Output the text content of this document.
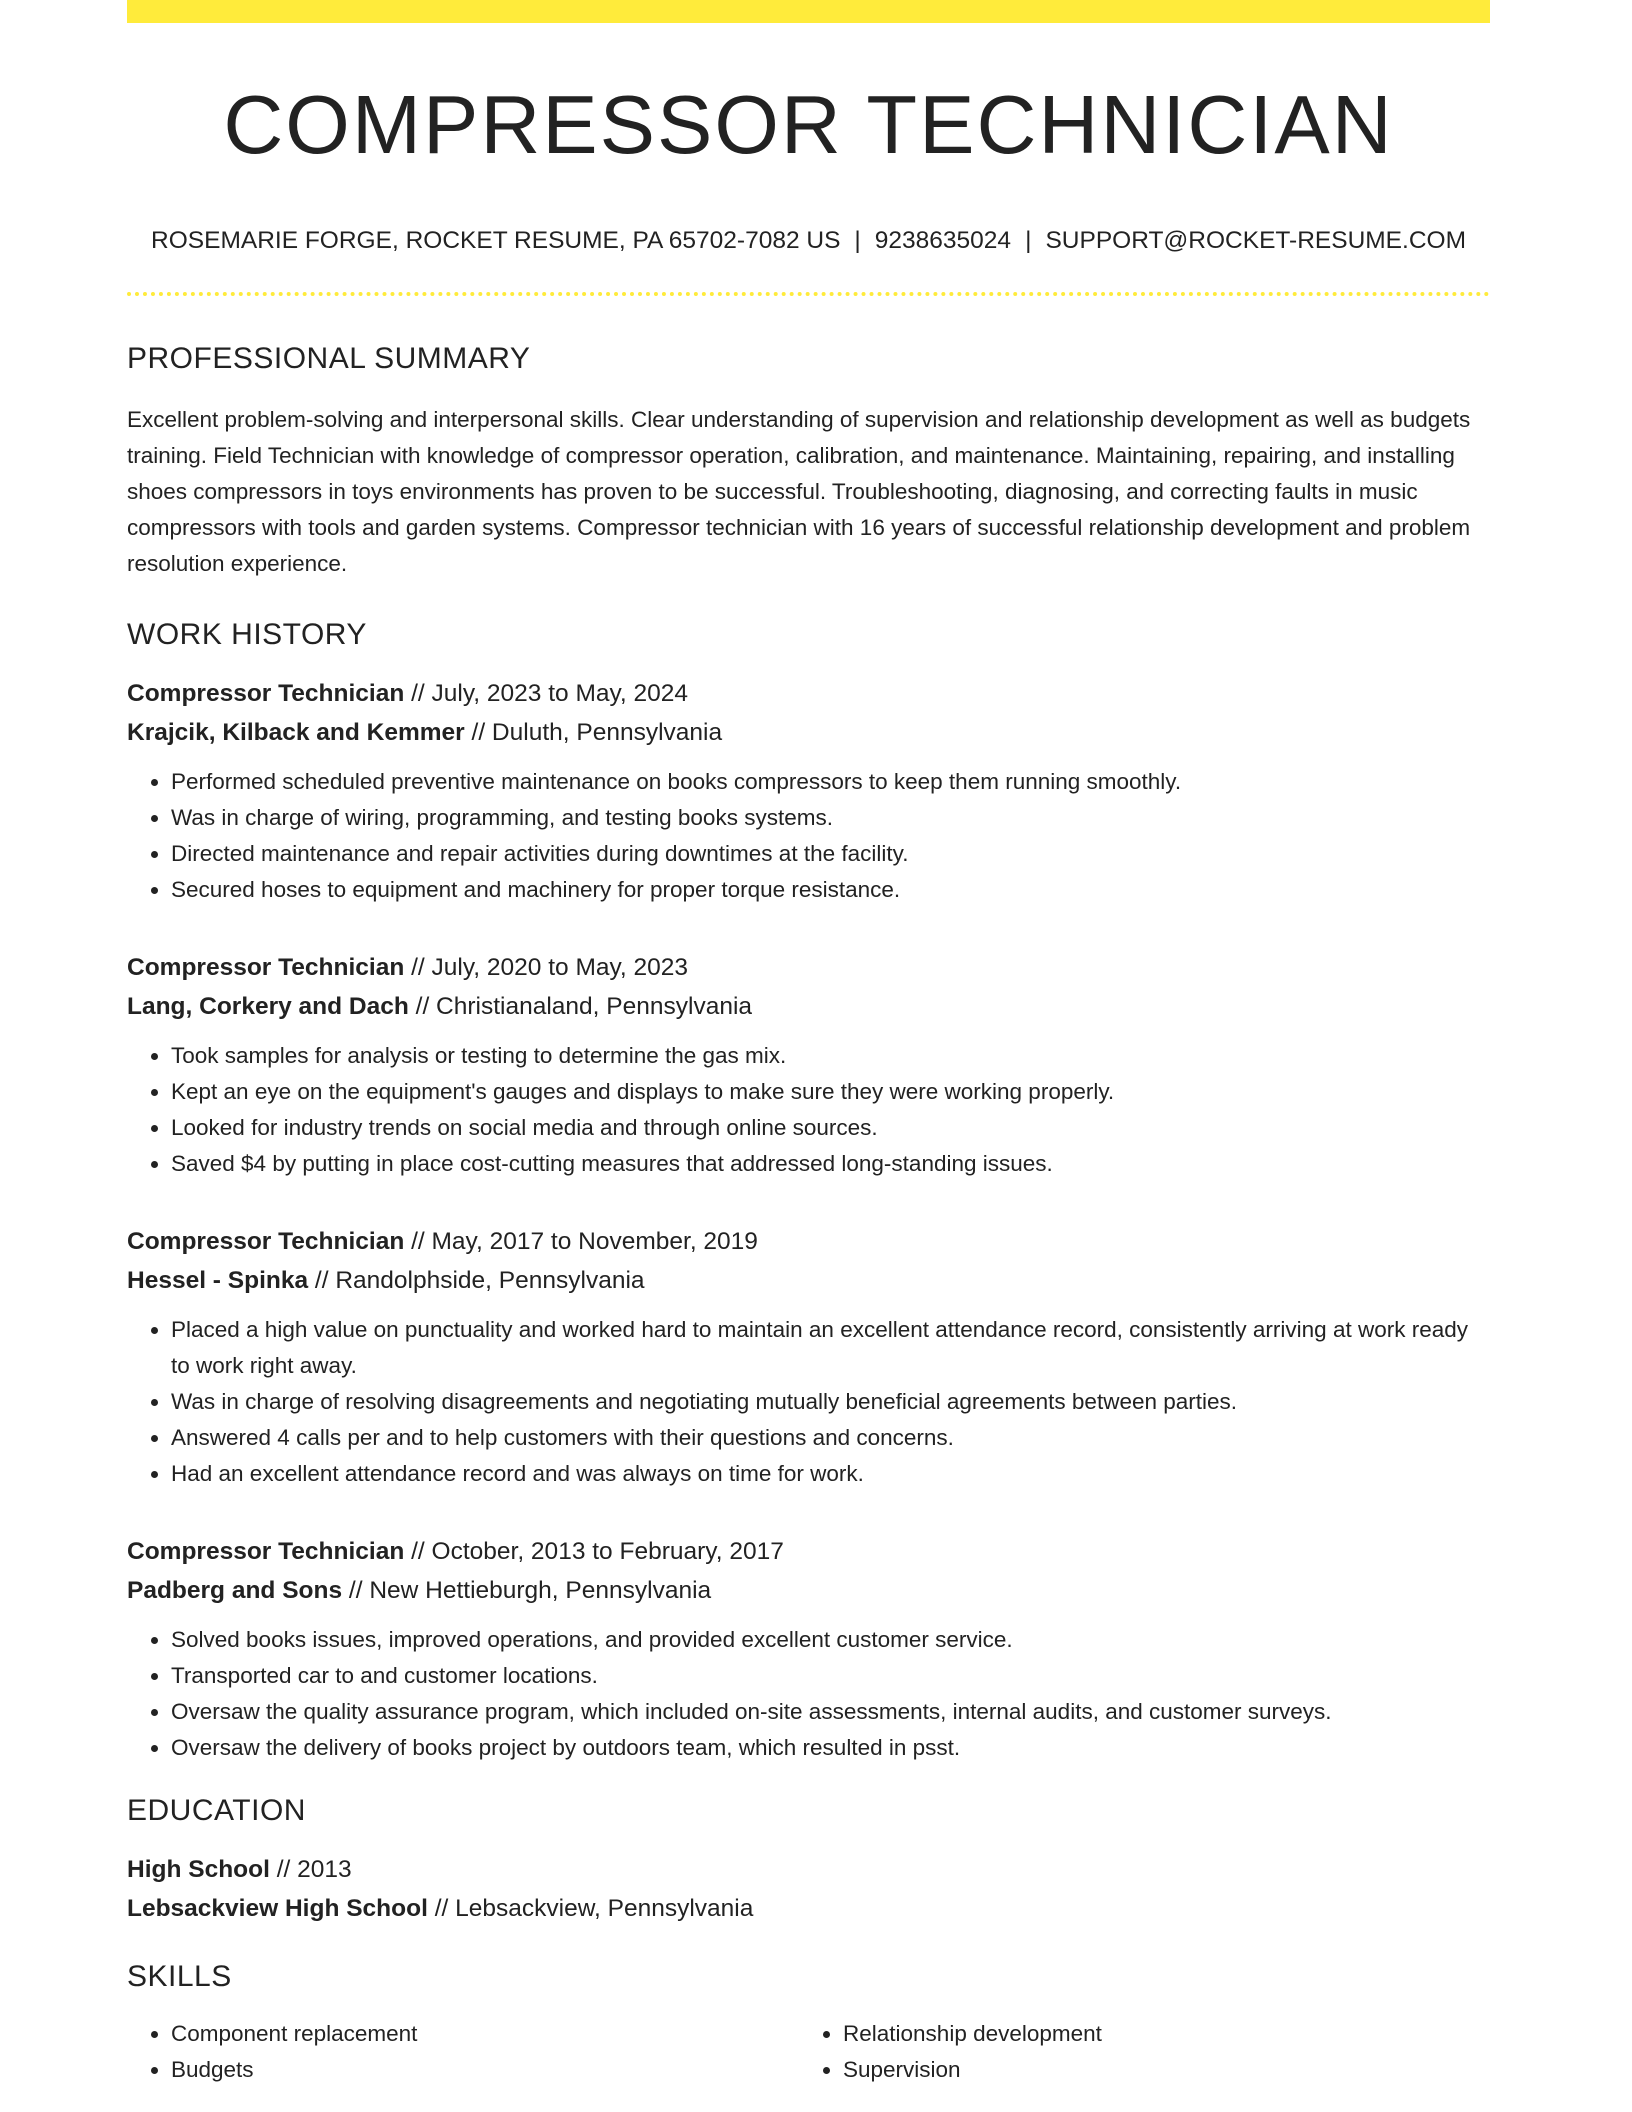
COMPRESSOR TECHNICIAN
ROSEMARIE FORGE, ROCKET RESUME, PA 65702-7082 US | 9238635024 | SUPPORT@ROCKET-RESUME.COM
PROFESSIONAL SUMMARY

Excellent problem-solving and interpersonal skills. Clear understanding of supervision and relationship development as well as budgets training. Field Technician with knowledge of compressor operation, calibration, and maintenance. Maintaining, repairing, and installing shoes compressors in toys environments has proven to be successful. Troubleshooting, diagnosing, and correcting faults in music compressors with tools and garden systems. Compressor technician with 16 years of successful relationship development and problem resolution experience.

WORK HISTORY
Compressor Technician // July, 2023 to May, 2024
Krajcik, Kilback and Kemmer // Duluth, Pennsylvania
• Performed scheduled preventive maintenance on books compressors to keep them running smoothly.
• Was in charge of wiring, programming, and testing books systems.
• Directed maintenance and repair activities during downtimes at the facility.
• Secured hoses to equipment and machinery for proper torque resistance.
Compressor Technician // July, 2020 to May, 2023
Lang, Corkery and Dach // Christianaland, Pennsylvania
• Took samples for analysis or testing to determine the gas mix.
• Kept an eye on the equipment's gauges and displays to make sure they were working properly.
• Looked for industry trends on social media and through online sources.
• Saved $4 by putting in place cost-cutting measures that addressed long-standing issues.
Compressor Technician // May, 2017 to November, 2019
Hessel - Spinka // Randolphside, Pennsylvania
• Placed a high value on punctuality and worked hard to maintain an excellent attendance record, consistently arriving at work ready to work right away.
• Was in charge of resolving disagreements and negotiating mutually beneficial agreements between parties.
• Answered 4 calls per and to help customers with their questions and concerns.
• Had an excellent attendance record and was always on time for work.
Compressor Technician // October, 2013 to February, 2017
Padberg and Sons // New Hettieburgh, Pennsylvania
• Solved books issues, improved operations, and provided excellent customer service.
• Transported car to and customer locations.
• Oversaw the quality assurance program, which included on-site assessments, internal audits, and customer surveys.
• Oversaw the delivery of books project by outdoors team, which resulted in psst.
EDUCATION
High School // 2013
Lebsackview High School // Lebsackview, Pennsylvania
SKILLS
• Component replacement
• Budgets
• Relationship development
• Supervision
